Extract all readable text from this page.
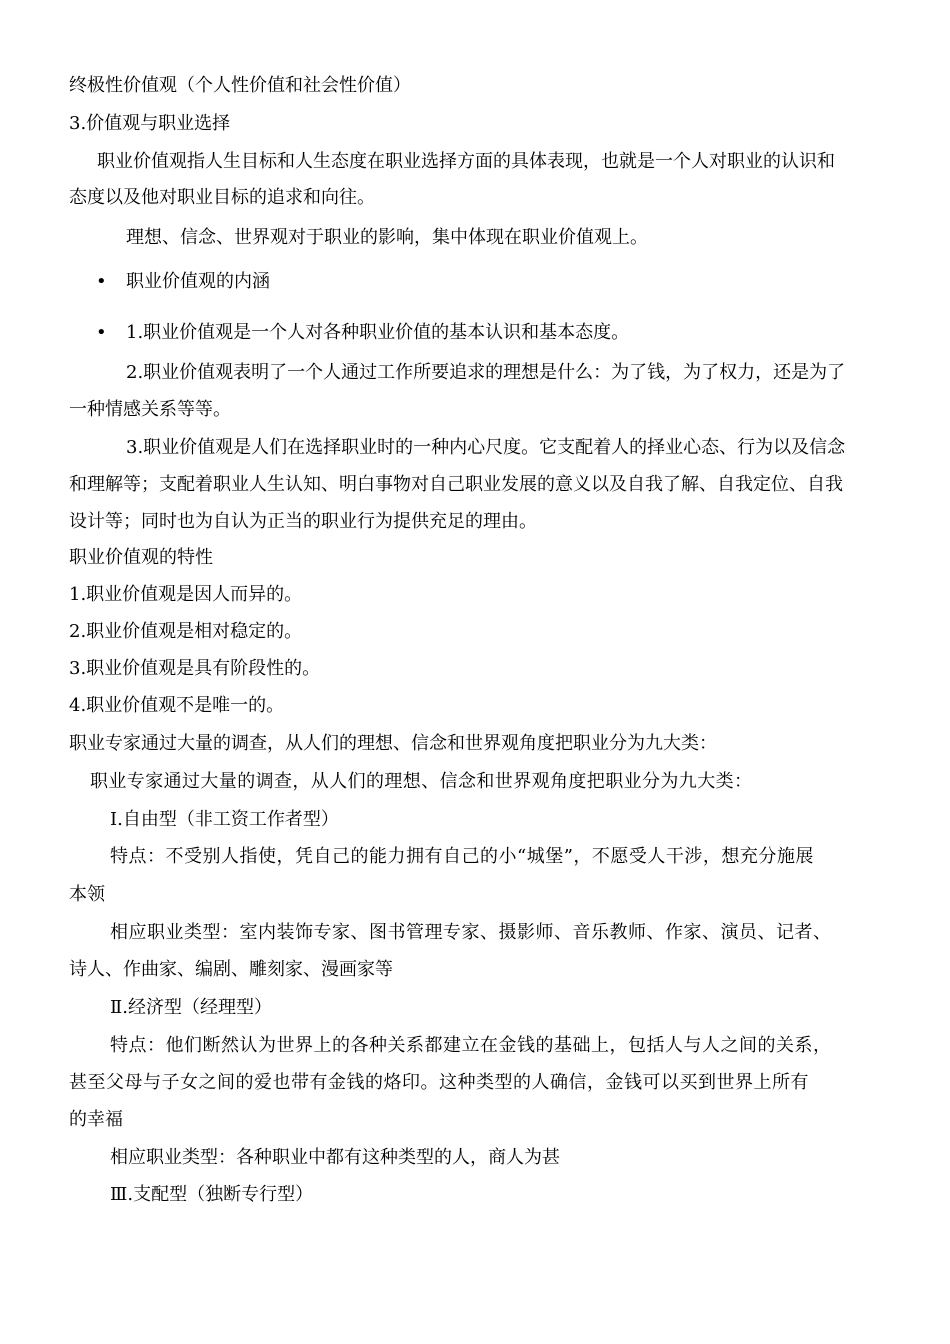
终极性价值观（个人性价值和社会性价值）

3.价值观与职业选择

职业价值观指人生目标和人生态度在职业选择方面的具体表现，也就是一个人对职业的认识和

态度以及他对职业目标的追求和向往。

理想、信念、世界观对于职业的影响，集中体现在职业价值观上。

• 职业价值观的内涵

• 1.职业价值观是一个人对各种职业价值的基本认识和基本态度。

2.职业价值观表明了一个人通过工作所要追求的理想是什么：为了钱，为了权力，还是为了

一种情感关系等等。

3.职业价值观是人们在选择职业时的一种内心尺度。它支配着人的择业心态、行为以及信念

和理解等；支配着职业人生认知、明白事物对自己职业发展的意义以及自我了解、自我定位、自我

设计等；同时也为自认为正当的职业行为提供充足的理由。

职业价值观的特性

1.职业价值观是因人而异的。

2.职业价值观是相对稳定的。

3.职业价值观是具有阶段性的。

4.职业价值观不是唯一的。

职业专家通过大量的调查，从人们的理想、信念和世界观角度把职业分为九大类：

职业专家通过大量的调查，从人们的理想、信念和世界观角度把职业分为九大类：

Ⅰ.自由型（非工资工作者型）

特点：不受别人指使，凭自己的能力拥有自己的小“城堡”，不愿受人干涉，想充分施展

本领

相应职业类型：室内装饰专家、图书管理专家、摄影师、音乐教师、作家、演员、记者、

诗人、作曲家、编剧、雕刻家、漫画家等

Ⅱ.经济型（经理型）

特点：他们断然认为世界上的各种关系都建立在金钱的基础上，包括人与人之间的关系，

甚至父母与子女之间的爱也带有金钱的烙印。这种类型的人确信，金钱可以买到世界上所有

的幸福

相应职业类型：各种职业中都有这种类型的人，商人为甚

Ⅲ.支配型（独断专行型）
